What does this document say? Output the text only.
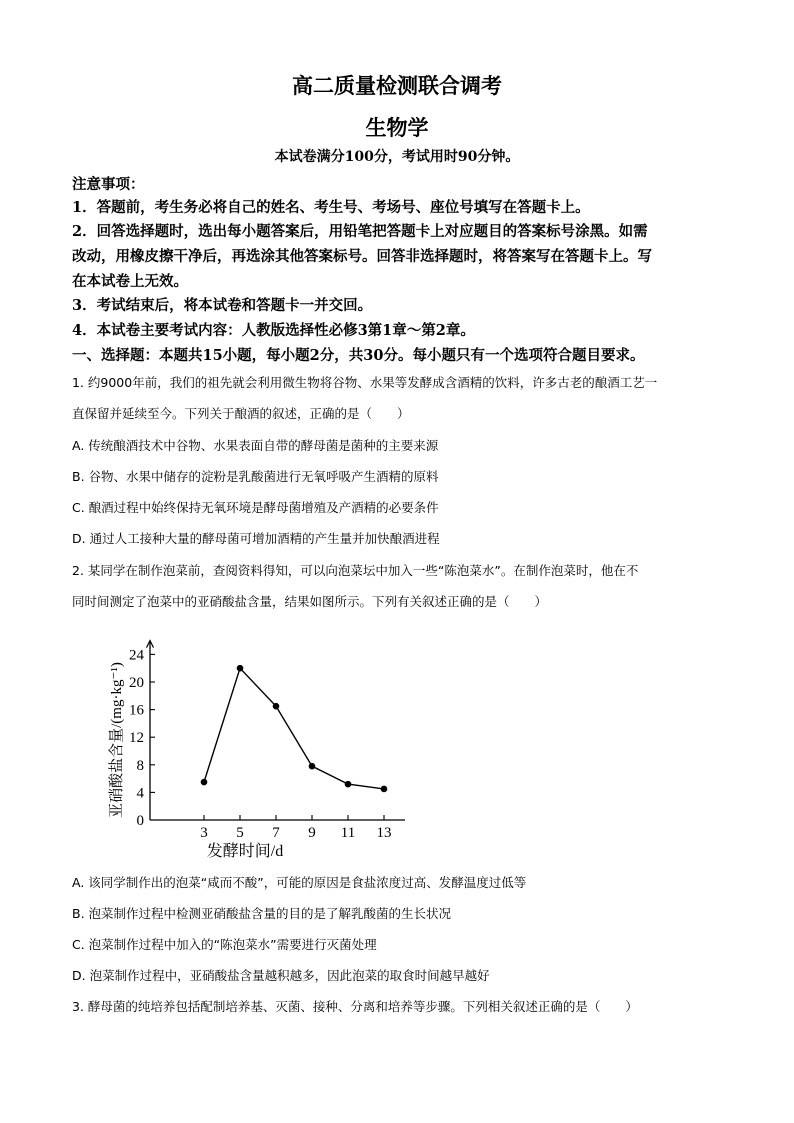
高二质量检测联合调考
生物学
本试卷满分100分，考试用时90分钟。
注意事项：
1．答题前，考生务必将自己的姓名、考生号、考场号、座位号填写在答题卡上。
2．回答选择题时，选出每小题答案后，用铅笔把答题卡上对应题目的答案标号涂黑。如需
改动，用橡皮擦干净后，再选涂其他答案标号。回答非选择题时，将答案写在答题卡上。写
在本试卷上无效。
3．考试结束后，将本试卷和答题卡一并交回。
4．本试卷主要考试内容：人教版选择性必修3第1章～第2章。
一、选择题：本题共15小题，每小题2分，共30分。每小题只有一个选项符合题目要求。
1. 约9000年前，我们的祖先就会利用微生物将谷物、水果等发酵成含酒精的饮料，许多古老的酿酒工艺一
直保留并延续至今。下列关于酿酒的叙述，正确的是（　　）
A. 传统酿酒技术中谷物、水果表面自带的酵母菌是菌种的主要来源
B. 谷物、水果中储存的淀粉是乳酸菌进行无氧呼吸产生酒精的原料
C. 酿酒过程中始终保持无氧环境是酵母菌增殖及产酒精的必要条件
D. 通过人工接种大量的酵母菌可增加酒精的产生量并加快酿酒进程
2. 某同学在制作泡菜前，查阅资料得知，可以向泡菜坛中加入一些“陈泡菜水”。在制作泡菜时，他在不
同时间测定了泡菜中的亚硝酸盐含量，结果如图所示。下列有关叙述正确的是（　　）
0
4
8
12
16
20
24
3 5 7 9 11 13
发酵时间/d
亚硝酸盐含量/(mg·kg⁻¹)
A. 该同学制作出的泡菜“咸而不酸”，可能的原因是食盐浓度过高、发酵温度过低等
B. 泡菜制作过程中检测亚硝酸盐含量的目的是了解乳酸菌的生长状况
C. 泡菜制作过程中加入的“陈泡菜水”需要进行灭菌处理
D. 泡菜制作过程中，亚硝酸盐含量越积越多，因此泡菜的取食时间越早越好
3. 酵母菌的纯培养包括配制培养基、灭菌、接种、分离和培养等步骤。下列相关叙述正确的是（　　）
